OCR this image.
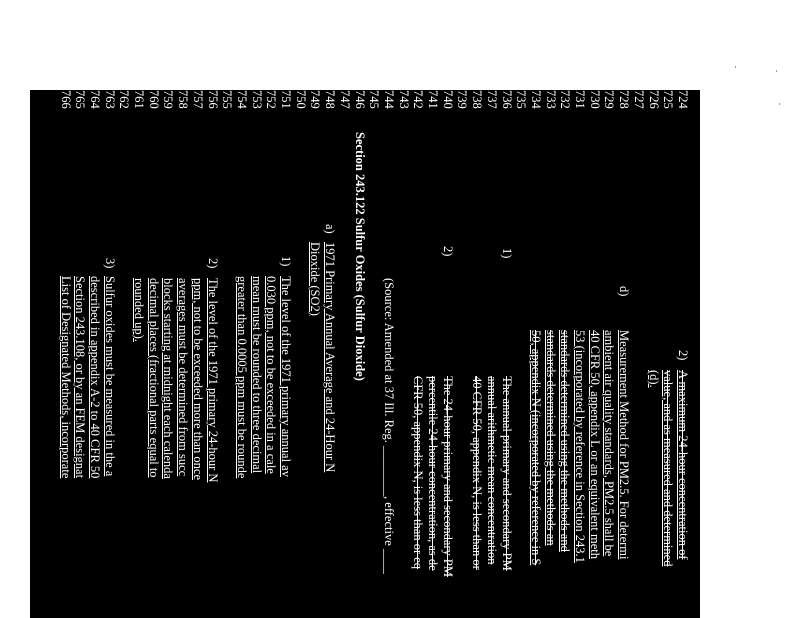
724
2)
A maximum 24-hour concentration of
725
value, and as measured and determined
726
(d).
727
728
d)
Measurement Method for PM2.5. For determi
729
ambient air quality standards, PM2.5 shall be
730
40 CFR 50, appendix L or an equivalent meth
731
53 (incorporated by reference in Section 243.1
732
standards determined using the methods and
733
standards determined using the methods an
734
50, appendix N (incorporated by reference in S
735
736
1)
The annual primary and secondary PM
737
annual arithmetic mean concentration
738
40 CFR 50, appendix N, is less than or
739
740
2)
The 24-hour primary and secondary PM
741
percentile 24-hour concentration, as de
742
CFR 50, appendix N, is less than or eq
743
744
(Source: Amended at 37 Ill. Reg. ________, effective ____
745
746
Section 243.122 Sulfur Oxides (Sulfur Dioxide)
747
748
a)
1971 Primary Annual Average and 24-Hour N
749
Dioxide (SO2)
750
751
1)
The level of the 1971 primary annual av
752
0.030 ppm, not to be exceeded in a cale
753
mean must be rounded to three decimal
754
greater than 0.0005 ppm must be rounde
755
756
2)
The level of the 1971 primary 24-hour N
757
ppm, not to be exceeded more than once
758
averages must be determined from succ
759
blocks starting at midnight each calenda
760
decimal places (fractional parts equal to
761
rounded up).
762
763
3)
Sulfur oxides must be measured in the a
764
described in appendix A-2 to 40 CFR 50
765
Section 243.108, or by an FEM designat
766
List of Designated Methods, incorporate
